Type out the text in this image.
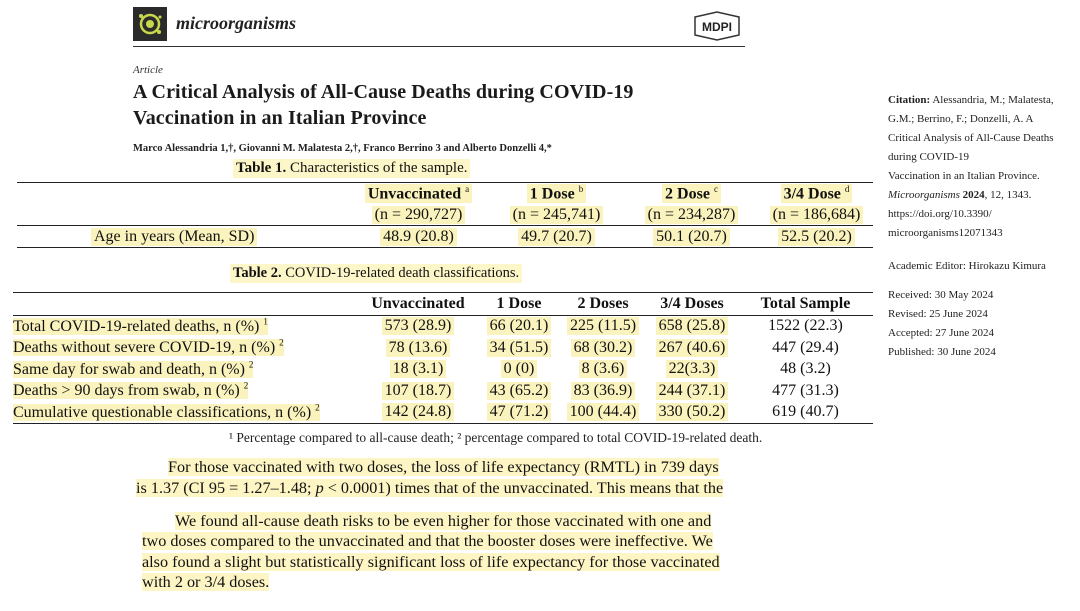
microorganisms	MDPI
Article
A Critical Analysis of All-Cause Deaths during COVID-19
Vaccination in an Italian Province
Marco Alessandria 1,†, Giovanni M. Malatesta 2,†, Franco Berrino 3 and Alberto Donzelli 4,*
Table 1. Characteristics of the sample.
	Unvaccinated $^a$	1 Dose $^b$	2 Dose $^c$	3/4 Dose $^d$
	(n = 290,727)	(n = 245,741)	(n = 234,287)	(n = 186,684)
Age in years (Mean, SD)	48.9 (20.8)	49.7 (20.7)	50.1 (20.7)	52.5 (20.2)
Table 2. COVID-19-related death classifications.
	Unvaccinated	1 Dose	2 Doses	3/4 Doses	Total Sample
Total COVID-19-related deaths, n (%) $^1$	573 (28.9)	66 (20.1)	225 (11.5)	658 (25.8)	1522 (22.3)
Deaths without severe COVID-19, n (%) $^2$	78 (13.6)	34 (51.5)	68 (30.2)	267 (40.6)	447 (29.4)
Same day for swab and death, n (%) $^2$	18 (3.1)	0 (0)	8 (3.6)	22(3.3)	48 (3.2)
Deaths > 90 days from swab, n (%) $^2$	107 (18.7)	43 (65.2)	83 (36.9)	244 (37.1)	477 (31.3)
Cumulative questionable classifications, n (%) $^2$	142 (24.8)	47 (71.2)	100 (44.4)	330 (50.2)	619 (40.7)
¹ Percentage compared to all-cause death; ² percentage compared to total COVID-19-related death.
For those vaccinated with two doses, the loss of life expectancy (RMTL) in 739 days
is 1.37 (CI 95 = 1.27–1.48; p < 0.0001) times that of the unvaccinated. This means that the
We found all-cause death risks to be even higher for those vaccinated with one and
two doses compared to the unvaccinated and that the booster doses were ineffective. We
also found a slight but statistically significant loss of life expectancy for those vaccinated
with 2 or 3/4 doses.
Citation: Alessandria, M.; Malatesta,
G.M.; Berrino, F.; Donzelli, A. A
Critical Analysis of All-Cause Deaths
during COVID-19
Vaccination in an Italian Province.
Microorganisms 2024, 12, 1343.
https://doi.org/10.3390/
microorganisms12071343
Academic Editor: Hirokazu Kimura
Received: 30 May 2024
Revised: 25 June 2024
Accepted: 27 June 2024
Published: 30 June 2024
